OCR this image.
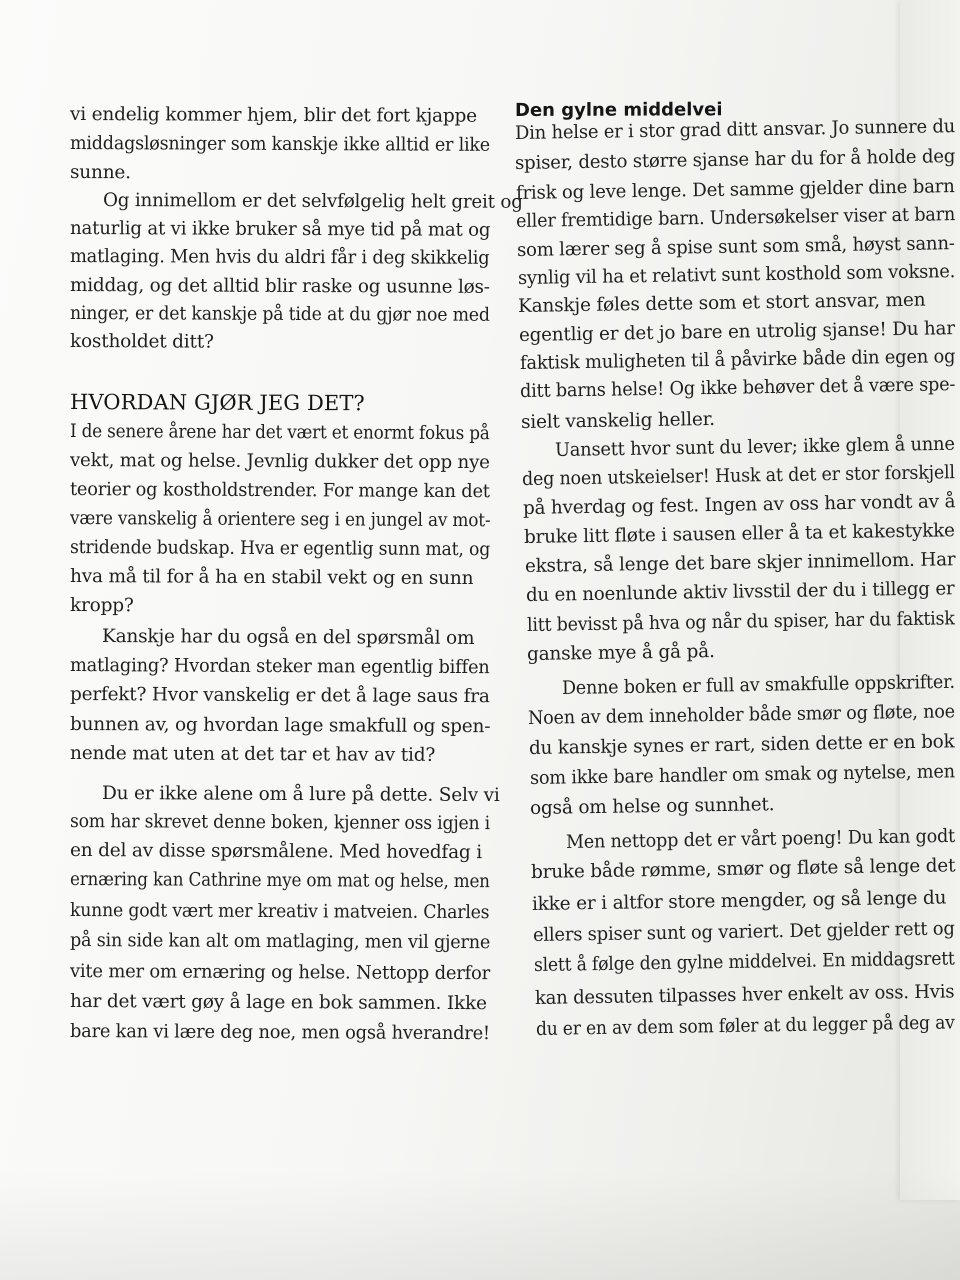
vi endelig kommer hjem, blir det fort kjappe
middagsløsninger som kanskje ikke alltid er like
sunne.
Og innimellom er det selvfølgelig helt greit og
naturlig at vi ikke bruker så mye tid på mat og
matlaging. Men hvis du aldri får i deg skikkelig
middag, og det alltid blir raske og usunne løs-
ninger, er det kanskje på tide at du gjør noe med
kostholdet ditt?
HVORDAN GJØR JEG DET?
I de senere årene har det vært et enormt fokus på
vekt, mat og helse. Jevnlig dukker det opp nye
teorier og kostholdstrender. For mange kan det
være vanskelig å orientere seg i en jungel av mot-
stridende budskap. Hva er egentlig sunn mat, og
hva må til for å ha en stabil vekt og en sunn
kropp?
Kanskje har du også en del spørsmål om
matlaging? Hvordan steker man egentlig biffen
perfekt? Hvor vanskelig er det å lage saus fra
bunnen av, og hvordan lage smakfull og spen-
nende mat uten at det tar et hav av tid?
Du er ikke alene om å lure på dette. Selv vi
som har skrevet denne boken, kjenner oss igjen i
en del av disse spørsmålene. Med hovedfag i
ernæring kan Cathrine mye om mat og helse, men
kunne godt vært mer kreativ i matveien. Charles
på sin side kan alt om matlaging, men vil gjerne
vite mer om ernæring og helse. Nettopp derfor
har det vært gøy å lage en bok sammen. Ikke
bare kan vi lære deg noe, men også hverandre!
Den gylne middelvei
Din helse er i stor grad ditt ansvar. Jo sunnere du
spiser, desto større sjanse har du for å holde deg
frisk og leve lenge. Det samme gjelder dine barn
eller fremtidige barn. Undersøkelser viser at barn
som lærer seg å spise sunt som små, høyst sann-
synlig vil ha et relativt sunt kosthold som voksne.
Kanskje føles dette som et stort ansvar, men
egentlig er det jo bare en utrolig sjanse! Du har
faktisk muligheten til å påvirke både din egen og
ditt barns helse! Og ikke behøver det å være spe-
sielt vanskelig heller.
Uansett hvor sunt du lever; ikke glem å unne
deg noen utskeielser! Husk at det er stor forskjell
på hverdag og fest. Ingen av oss har vondt av å
bruke litt fløte i sausen eller å ta et kakestykke
ekstra, så lenge det bare skjer innimellom. Har
du en noenlunde aktiv livsstil der du i tillegg er
litt bevisst på hva og når du spiser, har du faktisk
ganske mye å gå på.
Denne boken er full av smakfulle oppskrifter.
Noen av dem inneholder både smør og fløte, noe
du kanskje synes er rart, siden dette er en bok
som ikke bare handler om smak og nytelse, men
også om helse og sunnhet.
Men nettopp det er vårt poeng! Du kan godt
bruke både rømme, smør og fløte så lenge det
ikke er i altfor store mengder, og så lenge du
ellers spiser sunt og variert. Det gjelder rett og
slett å følge den gylne middelvei. En middagsrett
kan dessuten tilpasses hver enkelt av oss. Hvis
du er en av dem som føler at du legger på deg av
